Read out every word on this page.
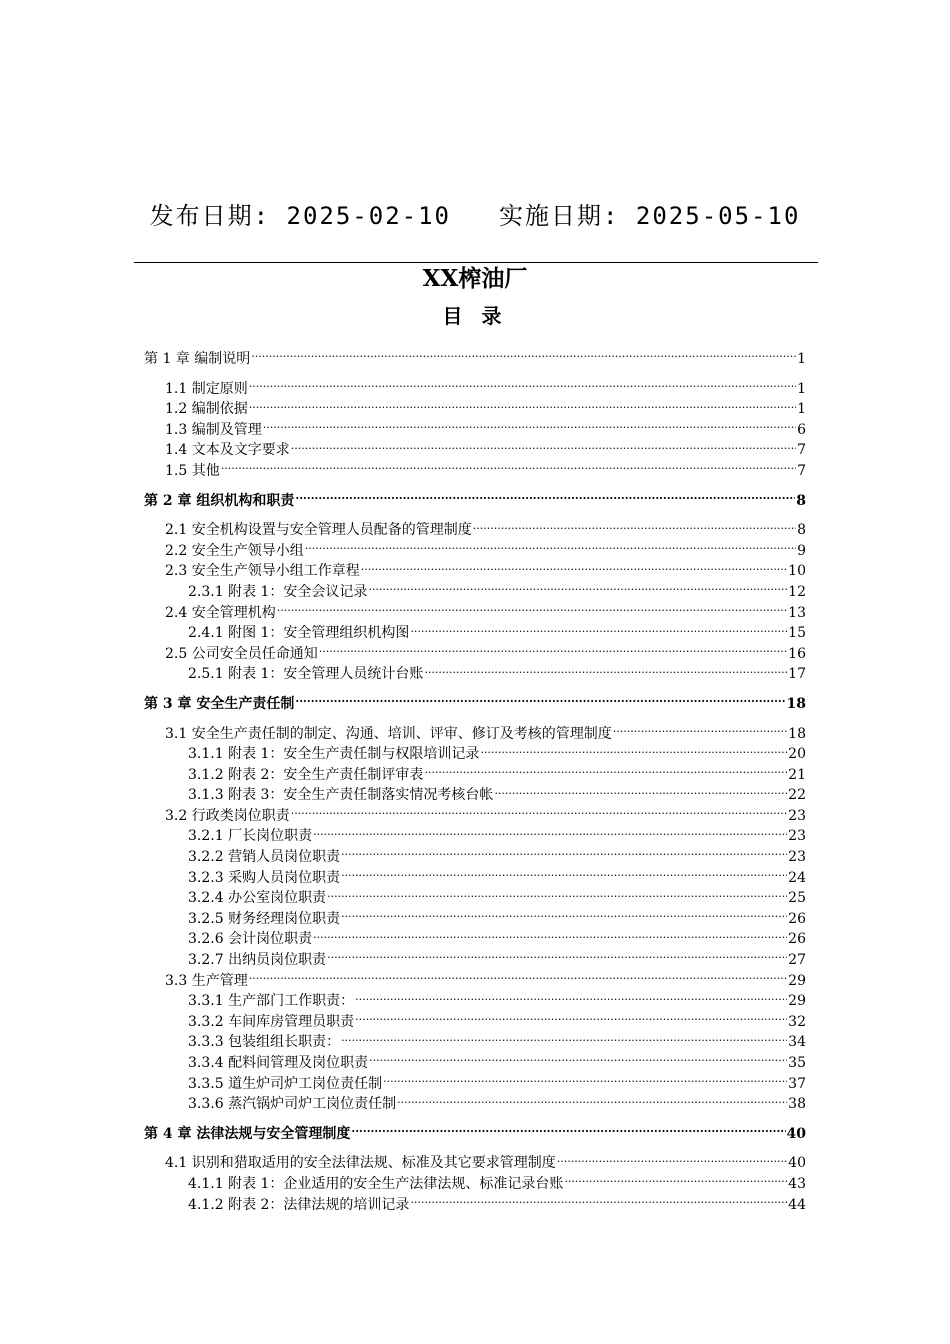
发布日期: 2025-02-10 实施日期: 2025-05-10
XX榨油厂
目 录
第 1 章 编制说明 .....	1
1.1 制定原则 .....	1
1.2 编制依据 .....	1
1.3 编制及管理 .....	6
1.4 文本及文字要求 .....	7
1.5 其他 .....	7
第 2 章 组织机构和职责 .....	8
2.1 安全机构设置与安全管理人员配备的管理制度 .....	8
2.2 安全生产领导小组 .....	9
2.3 安全生产领导小组工作章程 .....	10
2.3.1 附表 1：安全会议记录 .....	12
2.4 安全管理机构 .....	13
2.4.1 附图 1：安全管理组织机构图 .....	15
2.5 公司安全员任命通知 .....	16
2.5.1 附表 1：安全管理人员统计台账 .....	17
第 3 章 安全生产责任制 .....	18
3.1 安全生产责任制的制定、沟通、培训、评审、修订及考核的管理制度 .....	18
3.1.1 附表 1：安全生产责任制与权限培训记录 .....	20
3.1.2 附表 2：安全生产责任制评审表 .....	21
3.1.3 附表 3：安全生产责任制落实情况考核台帐 .....	22
3.2 行政类岗位职责 .....	23
3.2.1 厂长岗位职责 .....	23
3.2.2 营销人员岗位职责 .....	23
3.2.3 采购人员岗位职责 .....	24
3.2.4 办公室岗位职责 .....	25
3.2.5 财务经理岗位职责 .....	26
3.2.6 会计岗位职责 .....	26
3.2.7 出纳员岗位职责 .....	27
3.3 生产管理 .....	29
3.3.1 生产部门工作职责： .....	29
3.3.2 车间库房管理员职责 .....	32
3.3.3 包装组组长职责： .....	34
3.3.4 配料间管理及岗位职责 .....	35
3.3.5 道生炉司炉工岗位责任制 .....	37
3.3.6 蒸汽锅炉司炉工岗位责任制 .....	38
第 4 章 法律法规与安全管理制度 .....	40
4.1 识别和猎取适用的安全法律法规、标准及其它要求管理制度 .....	40
4.1.1 附表 1：企业适用的安全生产法律法规、标准记录台账 .....	43
4.1.2 附表 2：法律法规的培训记录 .....	44
